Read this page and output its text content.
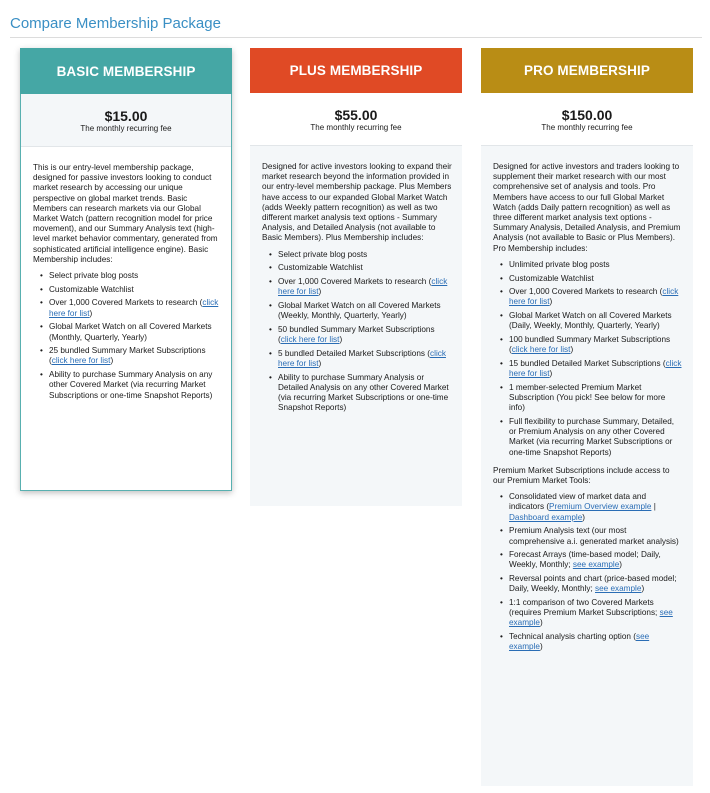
Compare Membership Package
BASIC MEMBERSHIP
$15.00
The monthly recurring fee

This is our entry-level membership package, designed for passive investors looking to conduct market research by accessing our unique perspective on global market trends. Basic Members can research markets via our Global Market Watch (pattern recognition model for price movement), and our Summary Analysis text (high-level market behavior commentary, generated from sophisticated artificial intelligence engine). Basic Membership includes:

• Select private blog posts
• Customizable Watchlist
• Over 1,000 Covered Markets to research (click here for list)
• Global Market Watch on all Covered Markets (Monthly, Quarterly, Yearly)
• 25 bundled Summary Market Subscriptions (click here for list)
• Ability to purchase Summary Analysis on any other Covered Market (via recurring Market Subscriptions or one-time Snapshot Reports)
PLUS MEMBERSHIP
$55.00
The monthly recurring fee

Designed for active investors looking to expand their market research beyond the information provided in our entry-level membership package. Plus Members have access to our expanded Global Market Watch (adds Weekly pattern recognition) as well as two different market analysis text options - Summary Analysis, and Detailed Analysis (not available to Basic Members). Plus Membership includes:

• Select private blog posts
• Customizable Watchlist
• Over 1,000 Covered Markets to research (click here for list)
• Global Market Watch on all Covered Markets (Weekly, Monthly, Quarterly, Yearly)
• 50 bundled Summary Market Subscriptions (click here for list)
• 5 bundled Detailed Market Subscriptions (click here for list)
• Ability to purchase Summary Analysis or Detailed Analysis on any other Covered Market (via recurring Market Subscriptions or one-time Snapshot Reports)
PRO MEMBERSHIP
$150.00
The monthly recurring fee

Designed for active investors and traders looking to supplement their market research with our most comprehensive set of analysis and tools. Pro Members have access to our full Global Market Watch (adds Daily pattern recognition) as well as three different market analysis text options - Summary Analysis, Detailed Analysis, and Premium Analysis (not available to Basic or Plus Members). Pro Membership includes:

• Unlimited private blog posts
• Customizable Watchlist
• Over 1,000 Covered Markets to research (click here for list)
• Global Market Watch on all Covered Markets (Daily, Weekly, Monthly, Quarterly, Yearly)
• 100 bundled Summary Market Subscriptions (click here for list)
• 15 bundled Detailed Market Subscriptions (click here for list)
• 1 member-selected Premium Market Subscription (You pick! See below for more info)
• Full flexibility to purchase Summary, Detailed, or Premium Analysis on any other Covered Market (via recurring Market Subscriptions or one-time Snapshot Reports)

Premium Market Subscriptions include access to our Premium Market Tools:

• Consolidated view of market data and indicators (Premium Overview example | Dashboard example)
• Premium Analysis text (our most comprehensive a.i. generated market analysis)
• Forecast Arrays (time-based model; Daily, Weekly, Monthly; see example)
• Reversal points and chart (price-based model; Daily, Weekly, Monthly; see example)
• 1:1 comparison of two Covered Markets (requires Premium Market Subscriptions; see example)
• Technical analysis charting option (see example)
